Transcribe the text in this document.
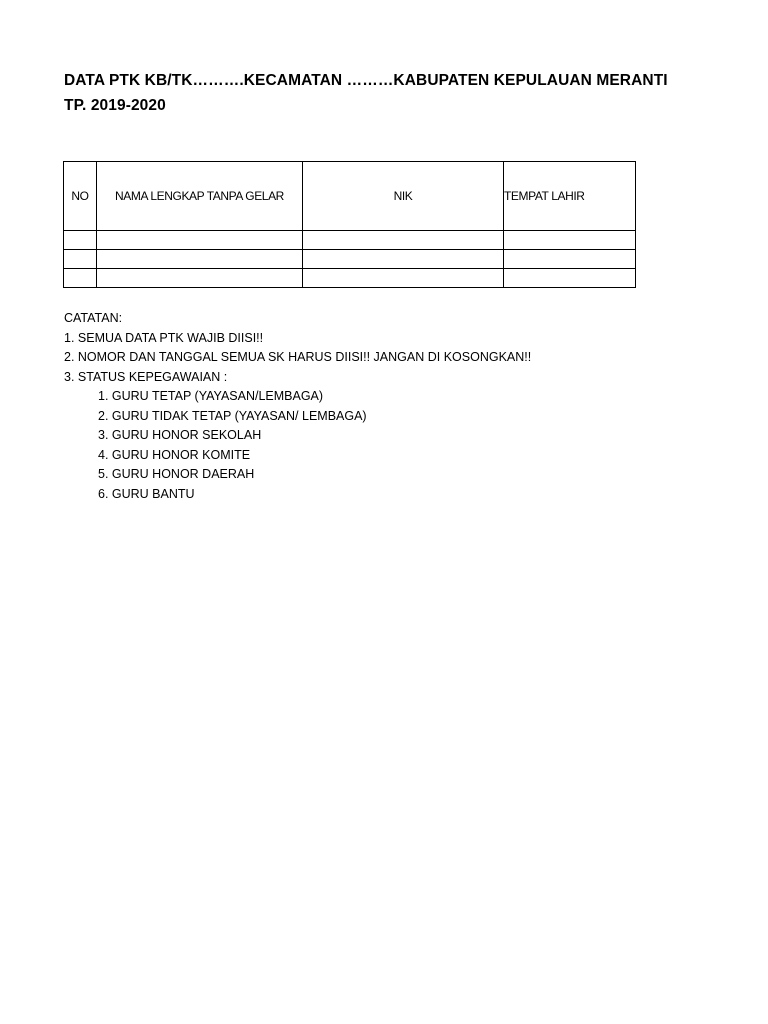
DATA PTK KB/TK……….KECAMATAN ………KABUPATEN KEPULAUAN MERANTI
TP. 2019-2020
NO	NAMA LENGKAP TANPA GELAR	NIK	TEMPAT LAHIR

CATATAN:
1. SEMUA DATA PTK WAJIB DIISI!!
2. NOMOR DAN TANGGAL SEMUA SK HARUS DIISI!! JANGAN DI KOSONGKAN!!
3. STATUS KEPEGAWAIAN :
1. GURU TETAP (YAYASAN/LEMBAGA)
2. GURU TIDAK TETAP (YAYASAN/ LEMBAGA)
3. GURU HONOR SEKOLAH
4. GURU HONOR KOMITE
5. GURU HONOR DAERAH
6. GURU BANTU
